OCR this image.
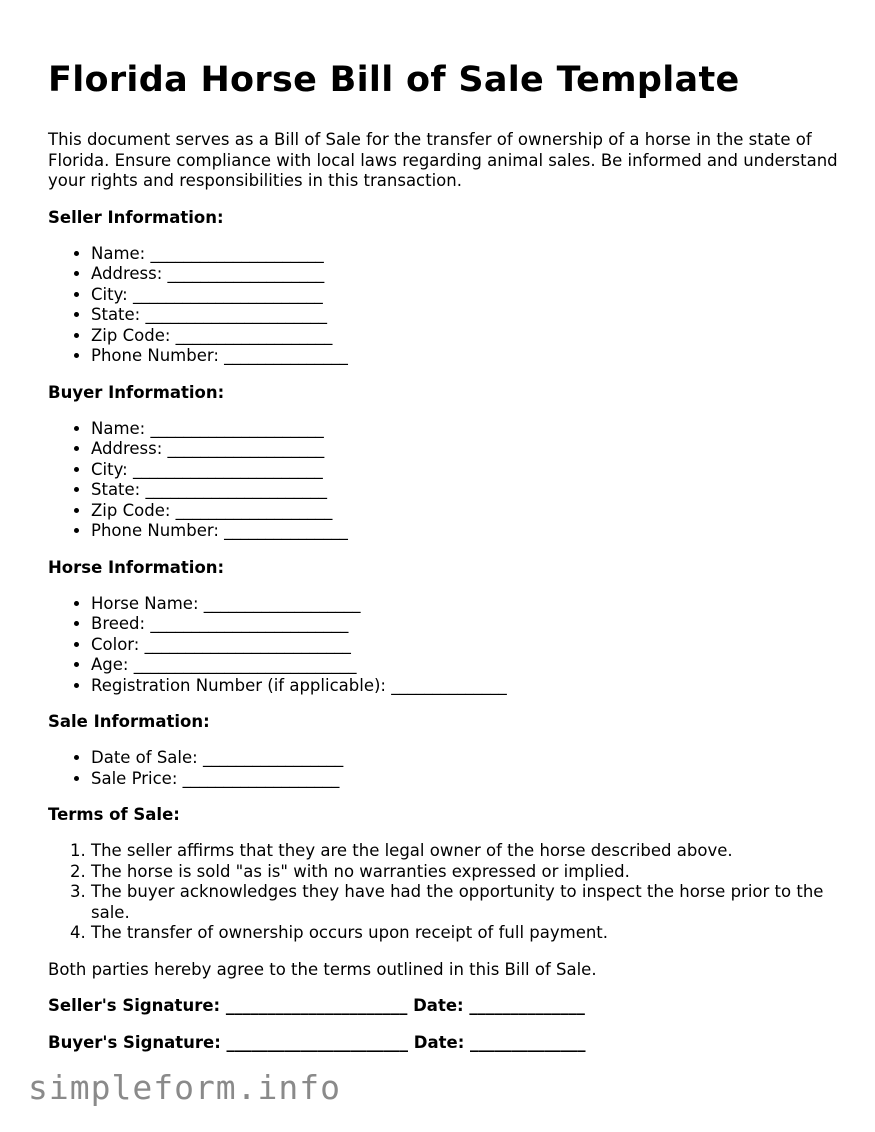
Florida Horse Bill of Sale Template

This document serves as a Bill of Sale for the transfer of ownership of a horse in the state of Florida. Ensure compliance with local laws regarding animal sales. Be informed and understand your rights and responsibilities in this transaction.

Seller Information:
• Name: _____________________
• Address: ___________________
• City: _______________________
• State: ______________________
• Zip Code: ___________________
• Phone Number: _______________
Buyer Information:
• Name: _____________________
• Address: ___________________
• City: _______________________
• State: ______________________
• Zip Code: ___________________
• Phone Number: _______________
Horse Information:
• Horse Name: ___________________
• Breed: ________________________
• Color: _________________________
• Age: ___________________________
• Registration Number (if applicable): ______________
Sale Information:
• Date of Sale: _________________
• Sale Price: ___________________
Terms of Sale:
1. The seller affirms that they are the legal owner of the horse described above.
2. The horse is sold "as is" with no warranties expressed or implied.
3. The buyer acknowledges they have had the opportunity to inspect the horse prior to the sale.
4. The transfer of ownership occurs upon receipt of full payment.

Both parties hereby agree to the terms outlined in this Bill of Sale.

Seller's Signature: ______________________ Date: ______________
Buyer's Signature: ______________________ Date: ______________
simpleform.info
